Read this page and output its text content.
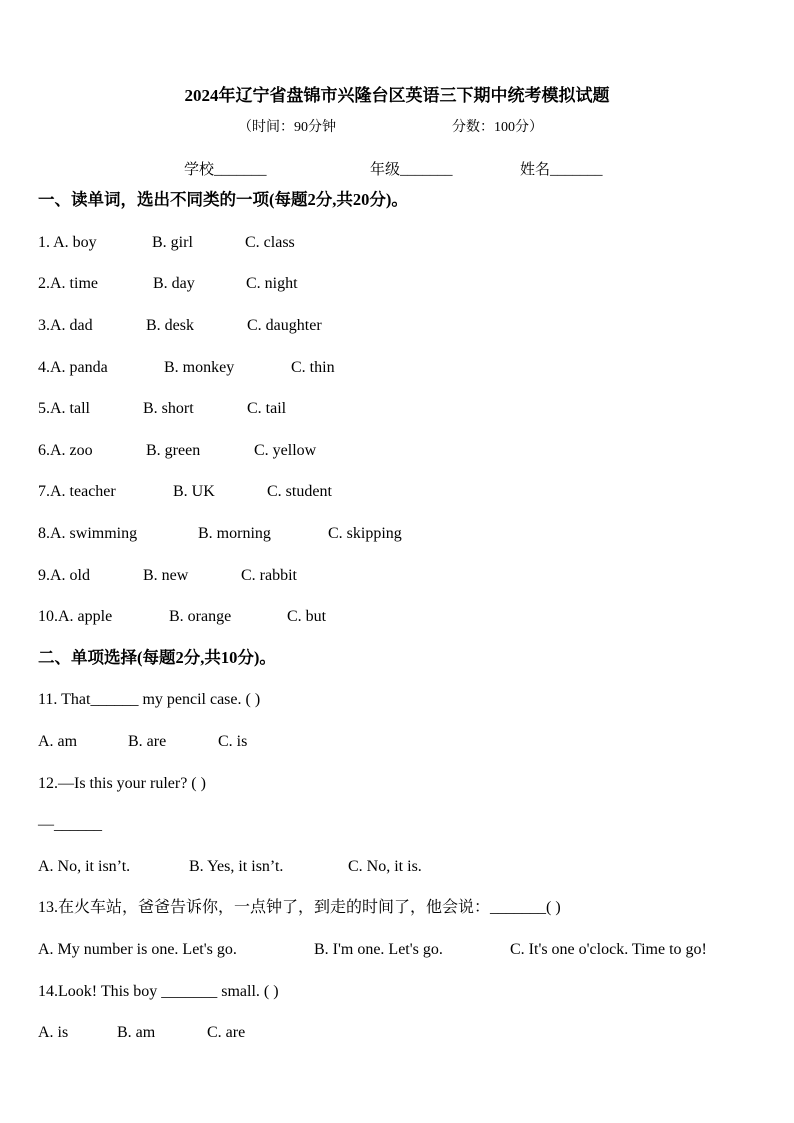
2024年辽宁省盘锦市兴隆台区英语三下期中统考模拟试题
（时间：90分钟	分数：100分）
学校_______	年级_______	姓名_______
一、读单词，选出不同类的一项(每题2分,共20分)。
1. A. boy	B. girl	C. class
2.A. time	B. day	C. night
3.A. dad	B. desk	C. daughter
4.A. panda	B. monkey	C. thin
5.A. tall	B. short	C. tail
6.A. zoo	B. green	C. yellow
7.A. teacher	B. UK	C. student
8.A. swimming	B. morning	C. skipping
9.A. old	B. new	C. rabbit
10.A. apple	B. orange	C. but
二、单项选择(每题2分,共10分)。
11. That______ my pencil case. ( )
A. am	B. are	C. is
12.—Is this your ruler? ( )
—______
A. No, it isn’t.	B. Yes, it isn’t.	C. No, it is.
13.在火车站，爸爸告诉你，一点钟了，到走的时间了，他会说：_______( )
A. My number is one. Let's go.	B. I'm one. Let's go.	C. It's one o'clock. Time to go!
14.Look! This boy _______ small. ( )
A. is	B. am	C. are
